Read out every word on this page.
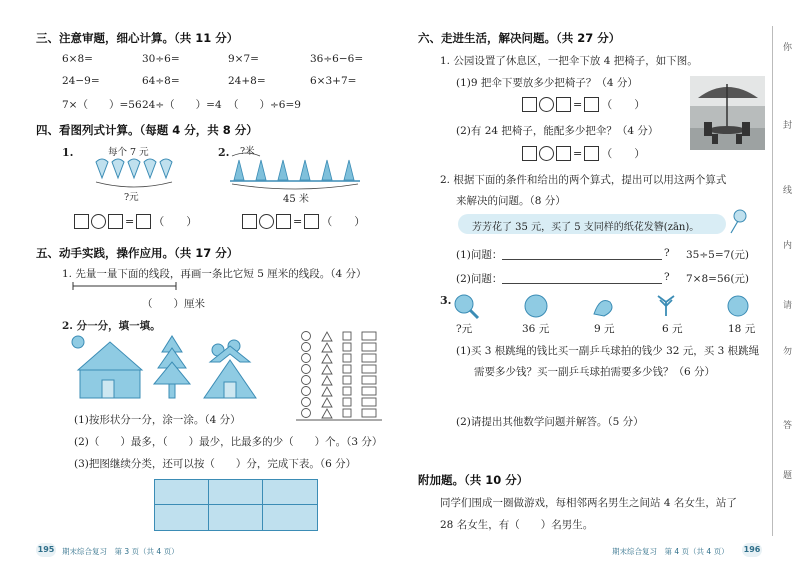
三、注意审题，细心计算。（共 11 分）
6×8=	30÷6=	9×7=	36÷6−6=
24−9=	64÷8=	24+8=	6×3+7=
7×（　　）=56 24÷（　　）=4 （　　）÷6=9
四、看图列式计算。（每题 4 分，共 8 分）
1.	每个 7 元
?元
2. ?米
45 米
= （　　）	= （　　）
五、动手实践，操作应用。（共 17 分）
1. 先量一量下面的线段，再画一条比它短 5 厘米的线段。（4 分）
（　　）厘米
2. 分一分，填一填。
(1)按形状分一分，涂一涂。（4 分）
(2)（　　）最多，（　　）最少，比最多的少（　　）个。（3 分）
(3)把图继续分类，还可以按（　　）分，完成下表。（6 分）
195 期末综合复习　第 3 页（共 4 页）
六、走进生活，解决问题。（共 27 分）
1. 公园设置了休息区，一把伞下放 4 把椅子，如下图。
(1)9 把伞下要放多少把椅子？（4 分）
= （　　）
(2)有 24 把椅子，能配多少把伞？（4 分）
= （　　）
2. 根据下面的条件和给出的两个算式，提出可以用这两个算式
来解决的问题。（8 分）
芳芳花了 35 元，买了 5 支同样的纸花发簪(zān)。
(1)问题：	? 35÷5=7(元)
(2)问题：	? 7×8=56(元)
3.
?元	36 元	9 元	6 元	18 元
(1)买 3 根跳绳的钱比买一副乒乓球拍的钱少 32 元，买 3 根跳绳
需要多少钱？买一副乒乓球拍需要多少钱？（6 分）
(2)请提出其他数学问题并解答。（5 分）
附加题。（共 10 分）
同学们围成一圈做游戏，每相邻两名男生之间站 4 名女生，站了
28 名女生，有（　　）名男生。
期末综合复习　第 4 页（共 4 页） 196
你
封
线
内
请
勿
答
题
